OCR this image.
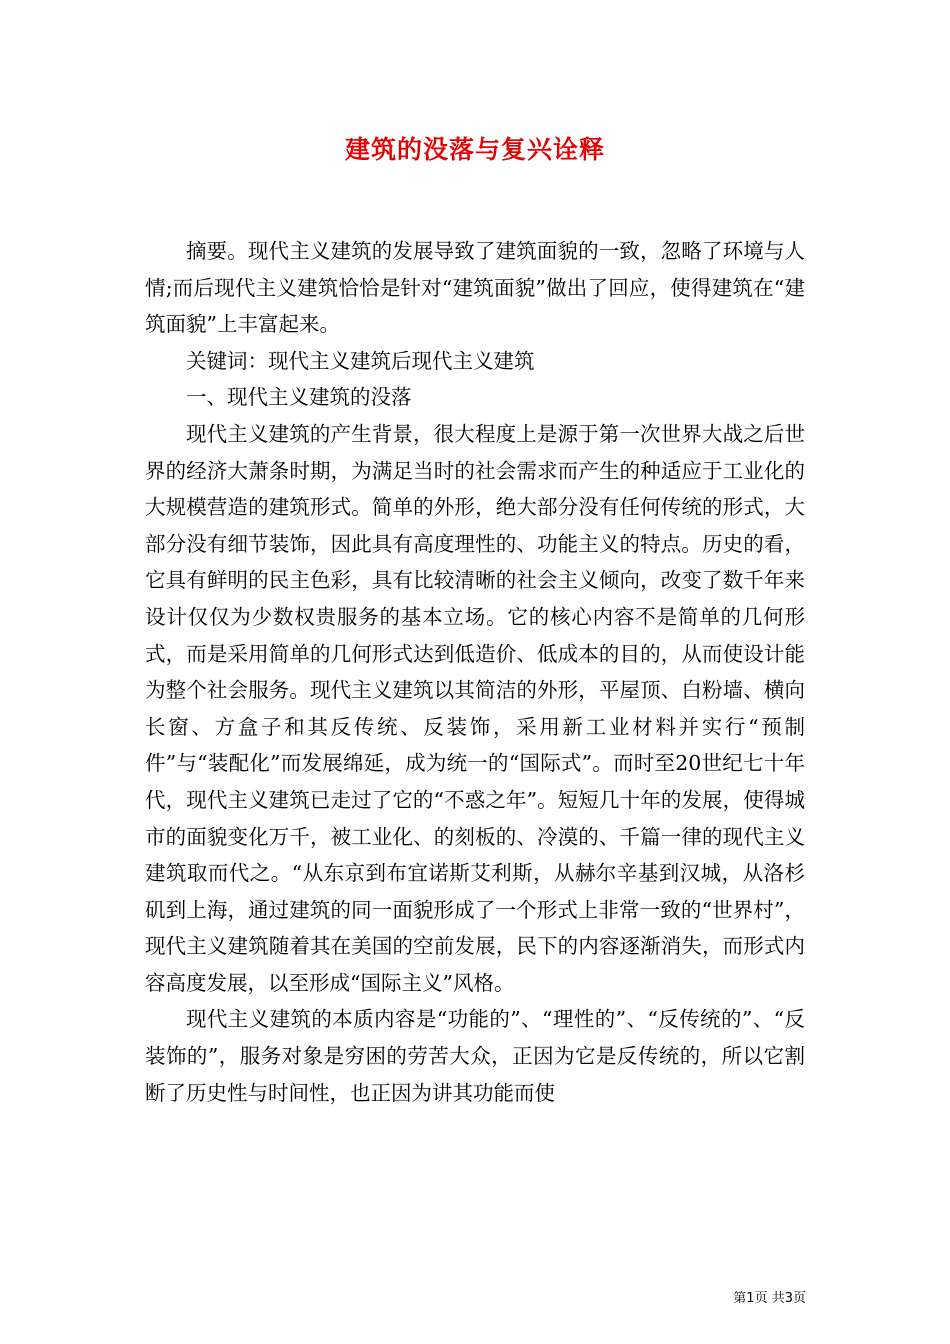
建筑的没落与复兴诠释

摘要。现代主义建筑的发展导致了建筑面貌的一致，忽略了环境与人情;而后现代主义建筑恰恰是针对“建筑面貌”做出了回应，使得建筑在“建筑面貌”上丰富起来。

关键词：现代主义建筑后现代主义建筑

一、现代主义建筑的没落

现代主义建筑的产生背景，很大程度上是源于第一次世界大战之后世界的经济大萧条时期，为满足当时的社会需求而产生的种适应于工业化的大规模营造的建筑形式。简单的外形，绝大部分没有任何传统的形式，大部分没有细节装饰，因此具有高度理性的、功能主义的特点。历史的看，它具有鲜明的民主色彩，具有比较清晰的社会主义倾向，改变了数千年来设计仅仅为少数权贵服务的基本立场。它的核心内容不是简单的几何形式，而是采用简单的几何形式达到低造价、低成本的目的，从而使设计能为整个社会服务。现代主义建筑以其简洁的外形，平屋顶、白粉墙、横向长窗、方盒子和其反传统、反装饰，采用新工业材料并实行“预制件”与“装配化”而发展绵延，成为统一的“国际式”。而时至20世纪七十年代，现代主义建筑已走过了它的“不惑之年”。短短几十年的发展，使得城市的面貌变化万千，被工业化、的刻板的、冷漠的、千篇一律的现代主义建筑取而代之。“从东京到布宜诺斯艾利斯，从赫尔辛基到汉城，从洛杉矶到上海，通过建筑的同一面貌形成了一个形式上非常一致的“世界村”，现代主义建筑随着其在美国的空前发展，民下的内容逐渐消失，而形式内容高度发展，以至形成“国际主义”风格。

现代主义建筑的本质内容是“功能的”、“理性的”、“反传统的”、“反装饰的”，服务对象是穷困的劳苦大众，正因为它是反传统的，所以它割断了历史性与时间性，也正因为讲其功能而使

第1页 共3页
